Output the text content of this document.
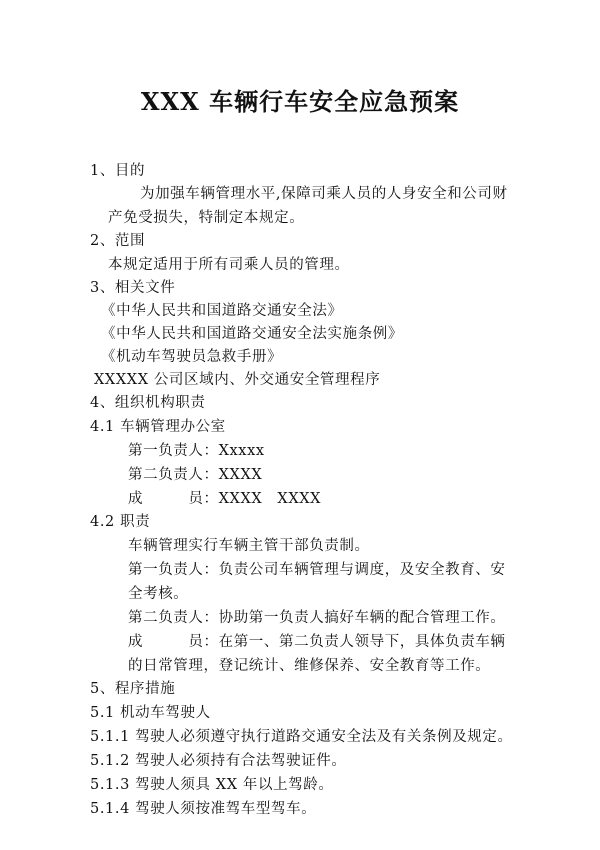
XXX 车辆行车安全应急预案
1、目的
为加强车辆管理水平,保障司乘人员的人身安全和公司财
产免受损失，特制定本规定。
2、范围
本规定适用于所有司乘人员的管理。
3、相关文件
《中华人民共和国道路交通安全法》
《中华人民共和国道路交通安全法实施条例》
《机动车驾驶员急救手册》
XXXXX 公司区域内、外交通安全管理程序
4、组织机构职责
4.1 车辆管理办公室
第一负责人：Xxxxx
第二负责人：XXXX
成　　　员：XXXX　XXXX
4.2 职责
车辆管理实行车辆主管干部负责制。
第一负责人：负责公司车辆管理与调度，及安全教育、安
全考核。
第二负责人：协助第一负责人搞好车辆的配合管理工作。
成　　　员：在第一、第二负责人领导下，具体负责车辆
的日常管理，登记统计、维修保养、安全教育等工作。
5、程序措施
5.1 机动车驾驶人
5.1.1 驾驶人必须遵守执行道路交通安全法及有关条例及规定。
5.1.2 驾驶人必须持有合法驾驶证件。
5.1.3 驾驶人须具 XX 年以上驾龄。
5.1.4 驾驶人须按准驾车型驾车。
